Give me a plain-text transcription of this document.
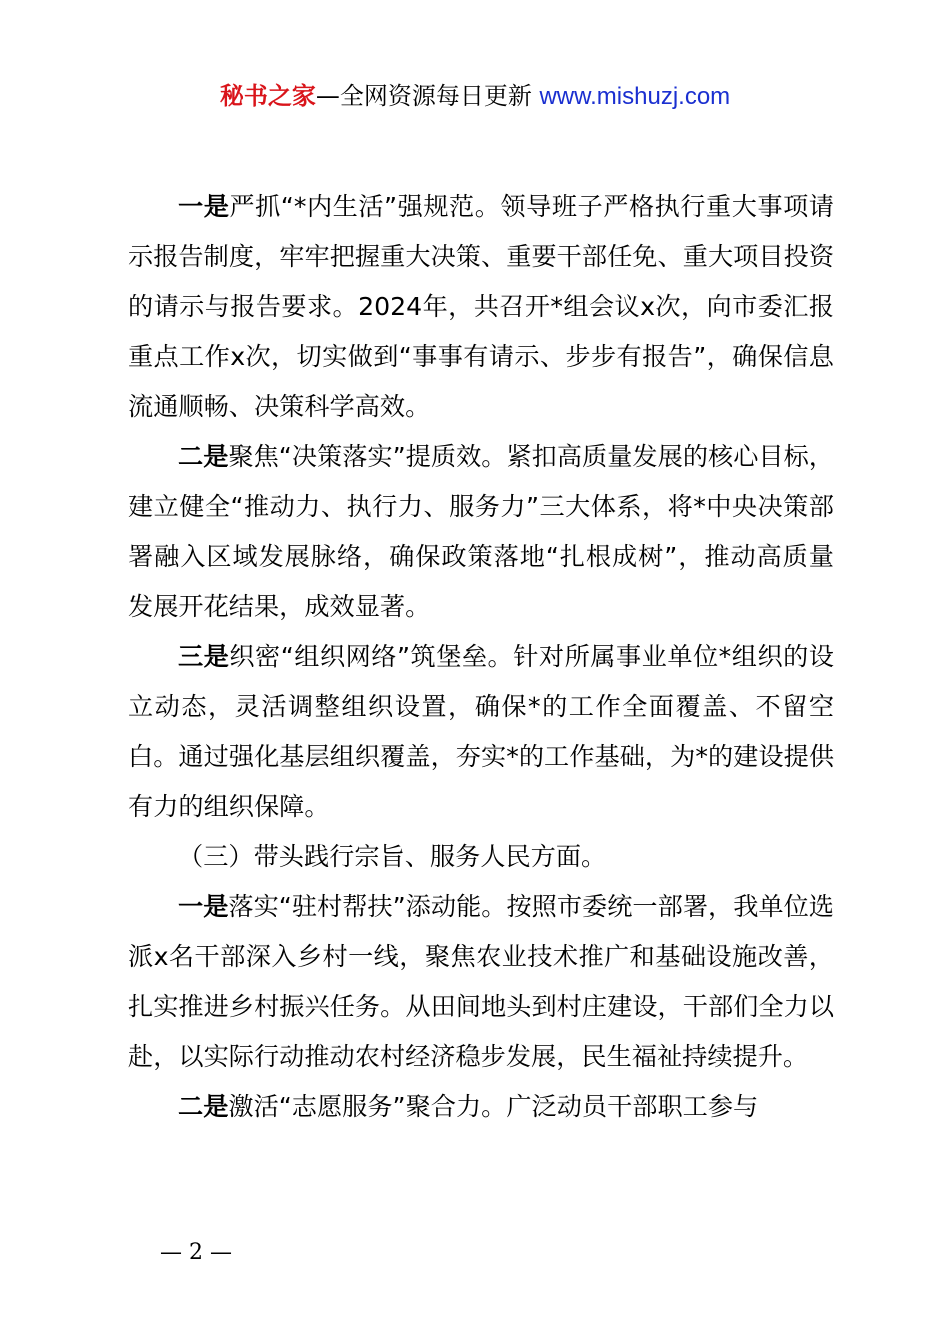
秘书之家—全网资源每日更新 www.mishuzj.com

一是严抓“*内生活”强规范。领导班子严格执行重大事项请示报告制度，牢牢把握重大决策、重要干部任免、重大项目投资的请示与报告要求。2024年，共召开*组会议x次，向市委汇报重点工作x次，切实做到“事事有请示、步步有报告”，确保信息流通顺畅、决策科学高效。

二是聚焦“决策落实”提质效。紧扣高质量发展的核心目标，建立健全“推动力、执行力、服务力”三大体系，将*中央决策部署融入区域发展脉络，确保政策落地“扎根成树”，推动高质量发展开花结果，成效显著。

三是织密“组织网络”筑堡垒。针对所属事业单位*组织的设立动态，灵活调整组织设置，确保*的工作全面覆盖、不留空白。通过强化基层组织覆盖，夯实*的工作基础，为*的建设提供有力的组织保障。

（三）带头践行宗旨、服务人民方面。

一是落实“驻村帮扶”添动能。按照市委统一部署，我单位选派x名干部深入乡村一线，聚焦农业技术推广和基础设施改善，扎实推进乡村振兴任务。从田间地头到村庄建设，干部们全力以赴，以实际行动推动农村经济稳步发展，民生福祉持续提升。

二是激活“志愿服务”聚合力。广泛动员干部职工参与

— 2 —
